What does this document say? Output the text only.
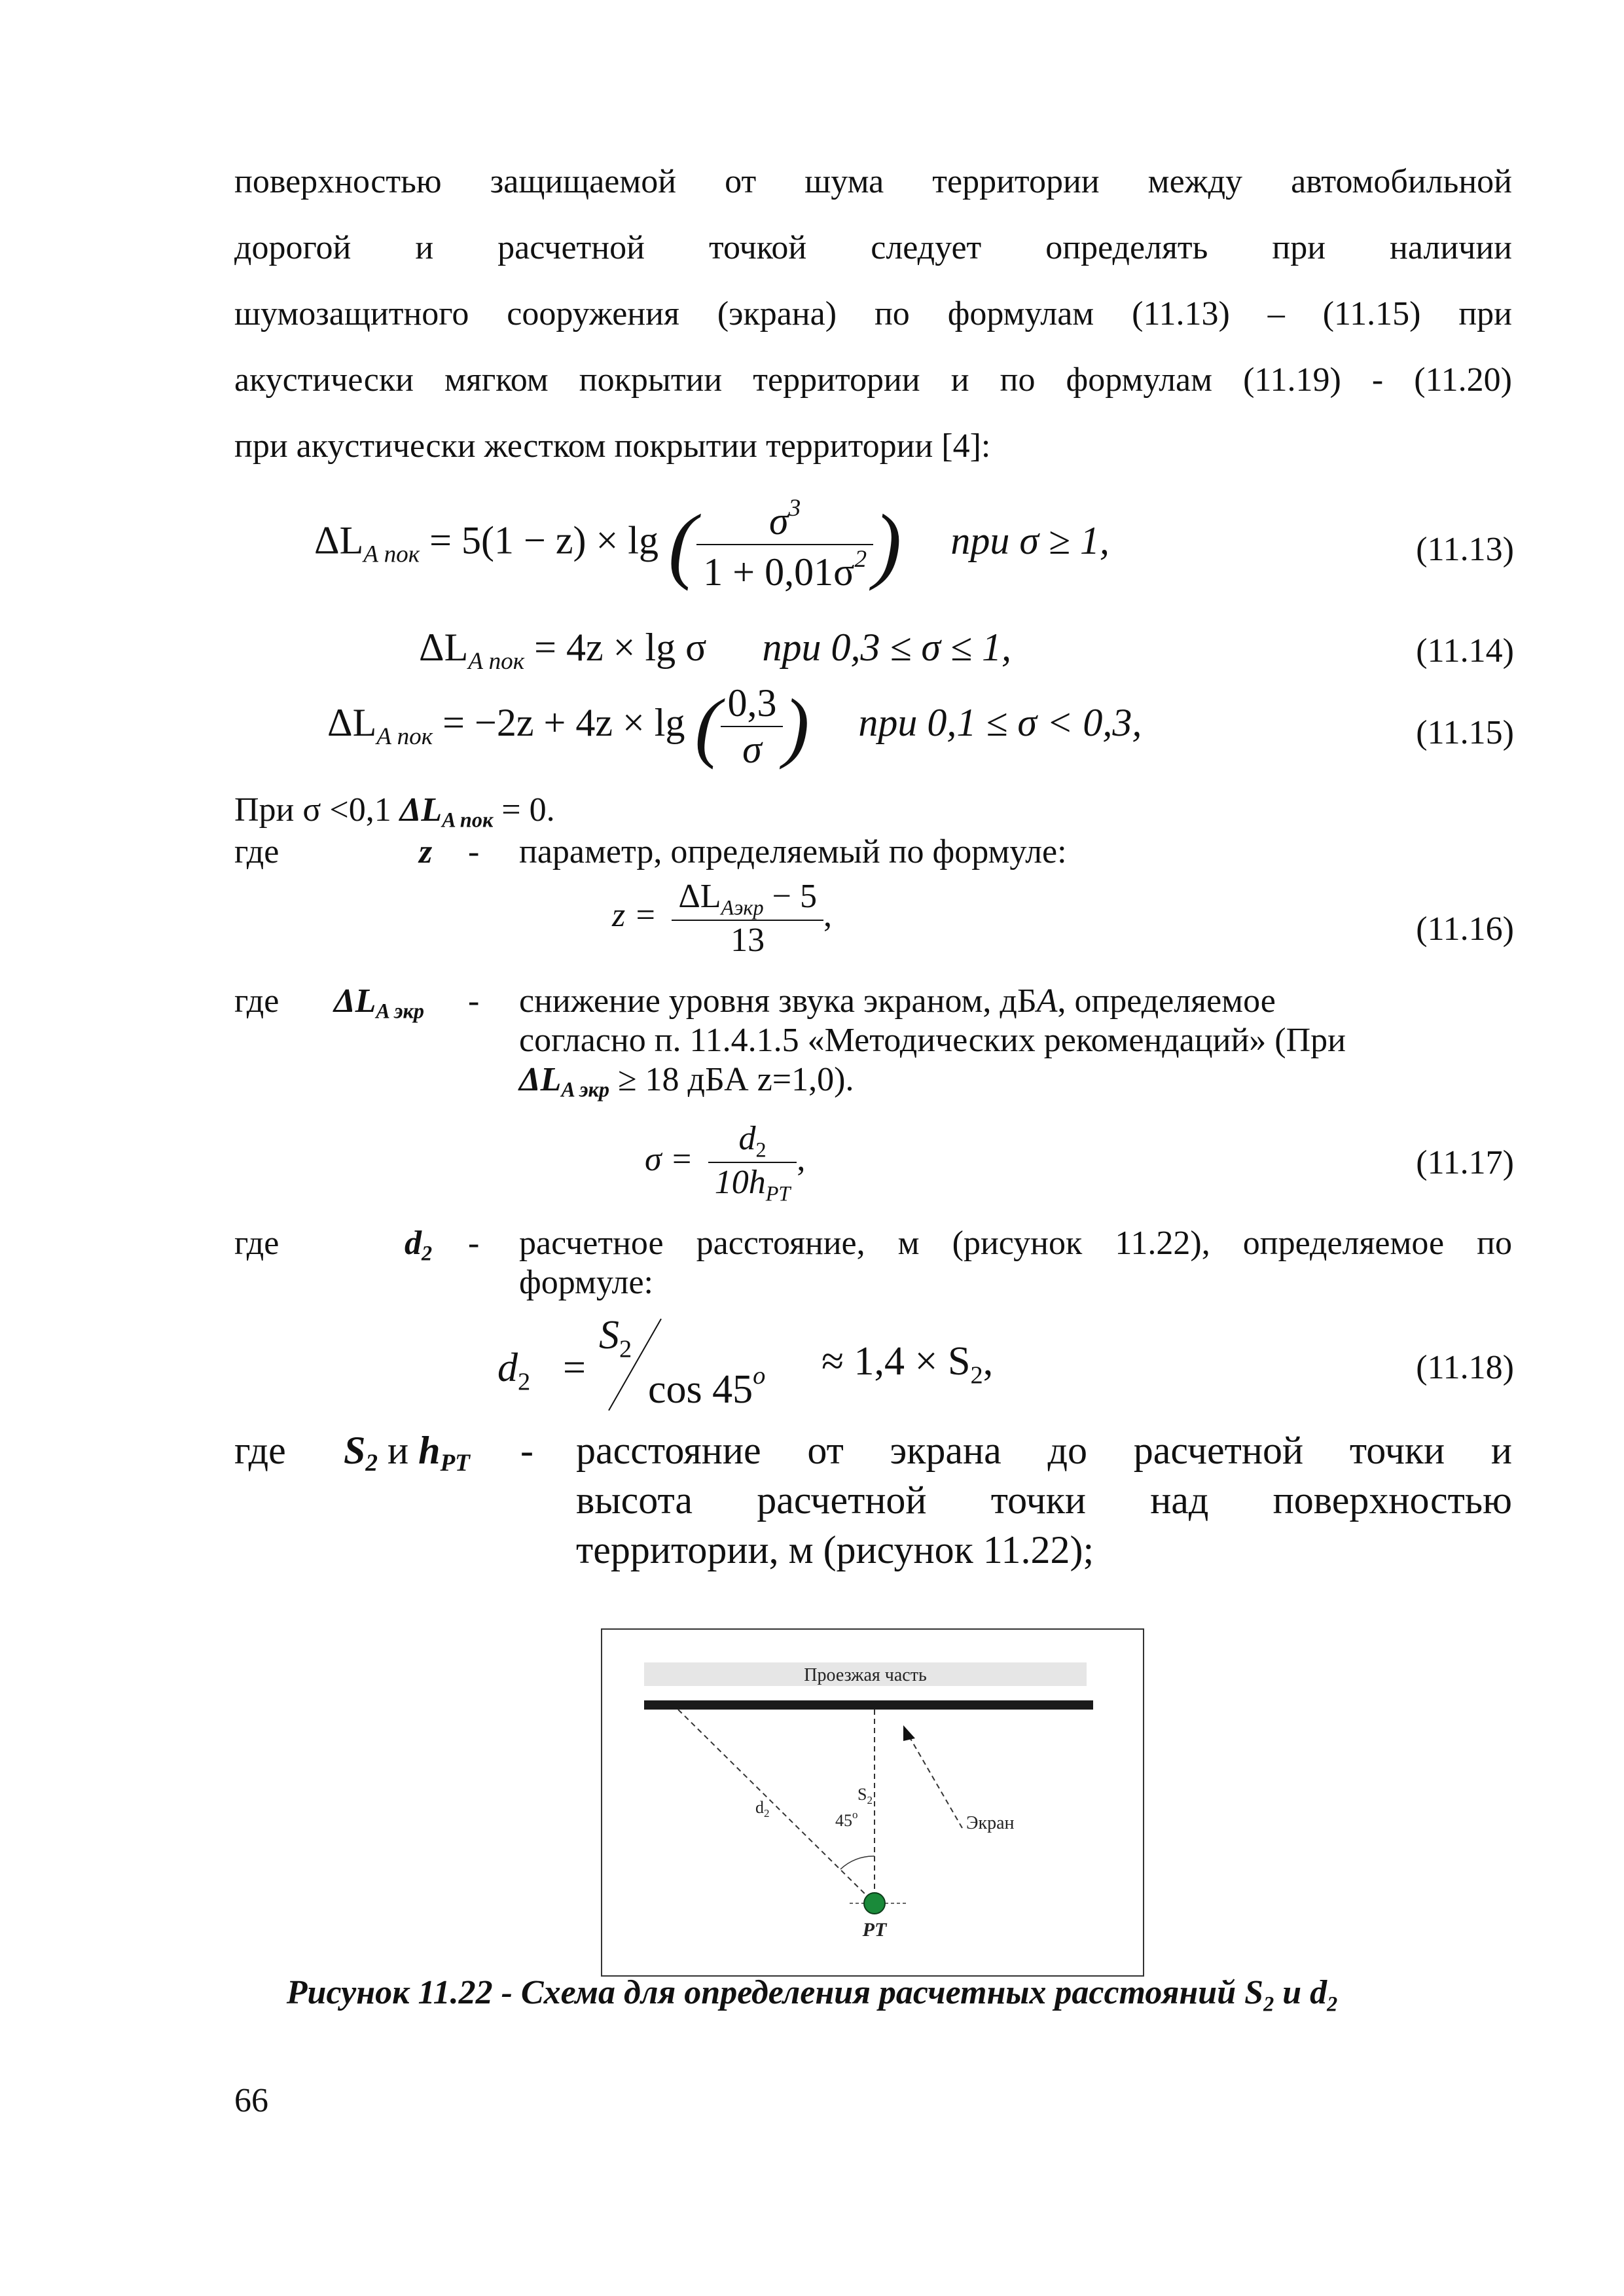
поверхностью защищаемой от шума территории между автомобильной
дорогой и расчетной точкой следует определять при наличии
шумозащитного сооружения (экрана) по формулам (11.13) – (11.15) при
акустически мягком покрытии территории и по формулам (11.19) - (11.20)
при акустически жестком покрытии территории [4]:
$\Delta L_{A пок} = 5(1 - z) \times \lg$ ( $\frac{\sigma^3}{1 + 0,01\sigma^2}$ ) при σ ≥ 1,	(11.13)
$\Delta L_{A пок} = 4z \times \lg \sigma$ при 0,3 ≤ σ ≤ 1,	(11.14)
$\Delta L_{A пок} = -2z + 4z \times \lg$ ( $\frac{0,3}{\sigma}$ ) при 0,1 ≤ σ < 0,3,	(11.15)
При σ <0,1 ΔLA пок = 0.
где	z - параметр, определяемый по формуле:
$z = \frac{\Delta L_{Aэкр} - 5}{13}$ ,	(11.16)
где ΔLA экр - снижение уровня звука экраном, дБА, определяемое
согласно п. 11.4.1.5 «Методических рекомендаций» (При
ΔLA экр ≥ 18 дБА z=1,0).
$\sigma = \frac{d_2}{10h_{PT}}$ ,	(11.17)
где	d2 - расчетное расстояние, м (рисунок 11.22), определяемое по
формуле:
$d_2$ =
$S_2$
$\cos 45^o \approx 1,4 \times S_2$,	(11.18)
где S2 и hPT - расстояние от экрана до расчетной точки и
высота расчетной точки над поверхностью
территории, м (рисунок 11.22);
Проезжая часть
$S_2$
$d_2$	45$^o$	Экран
PT
Рисунок 11.22 - Схема для определения расчетных расстояний $S_2$ и $d_2$
66
